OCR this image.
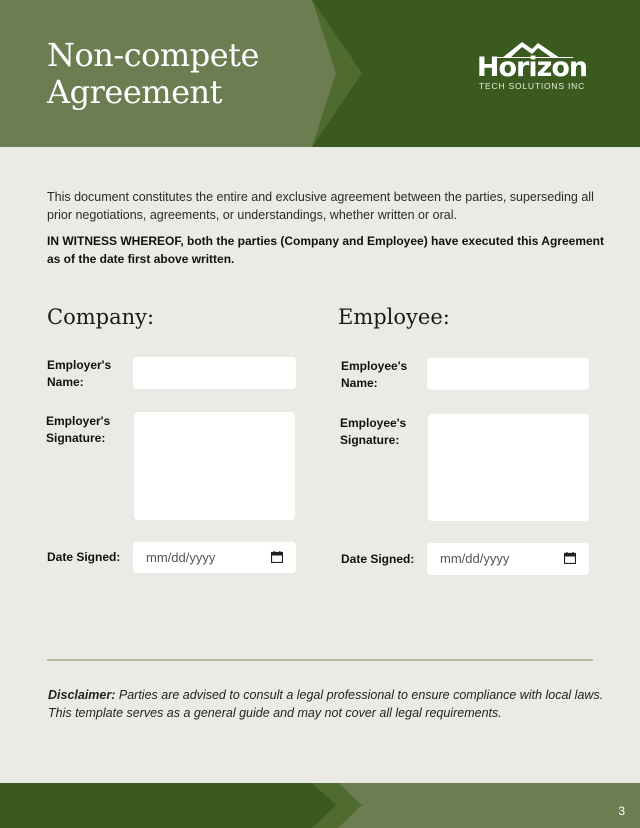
Non-compete
Agreement
Horizon
TECH SOLUTIONS INC

This document constitutes the entire and exclusive agreement between the parties, superseding all prior negotiations, agreements, or understandings, whether written or oral.

IN WITNESS WHEREOF, both the parties (Company and Employee) have executed this Agreement as of the date first above written.

Company:
Employer's
Name:
Employer's
Signature:
Date Signed:	mm/dd/yyyy
Employee:
Employee's
Name:
Employee's
Signature:
Date Signed:	mm/dd/yyyy

Disclaimer: Parties are advised to consult a legal professional to ensure compliance with local laws.
This template serves as a general guide and may not cover all legal requirements.

3
